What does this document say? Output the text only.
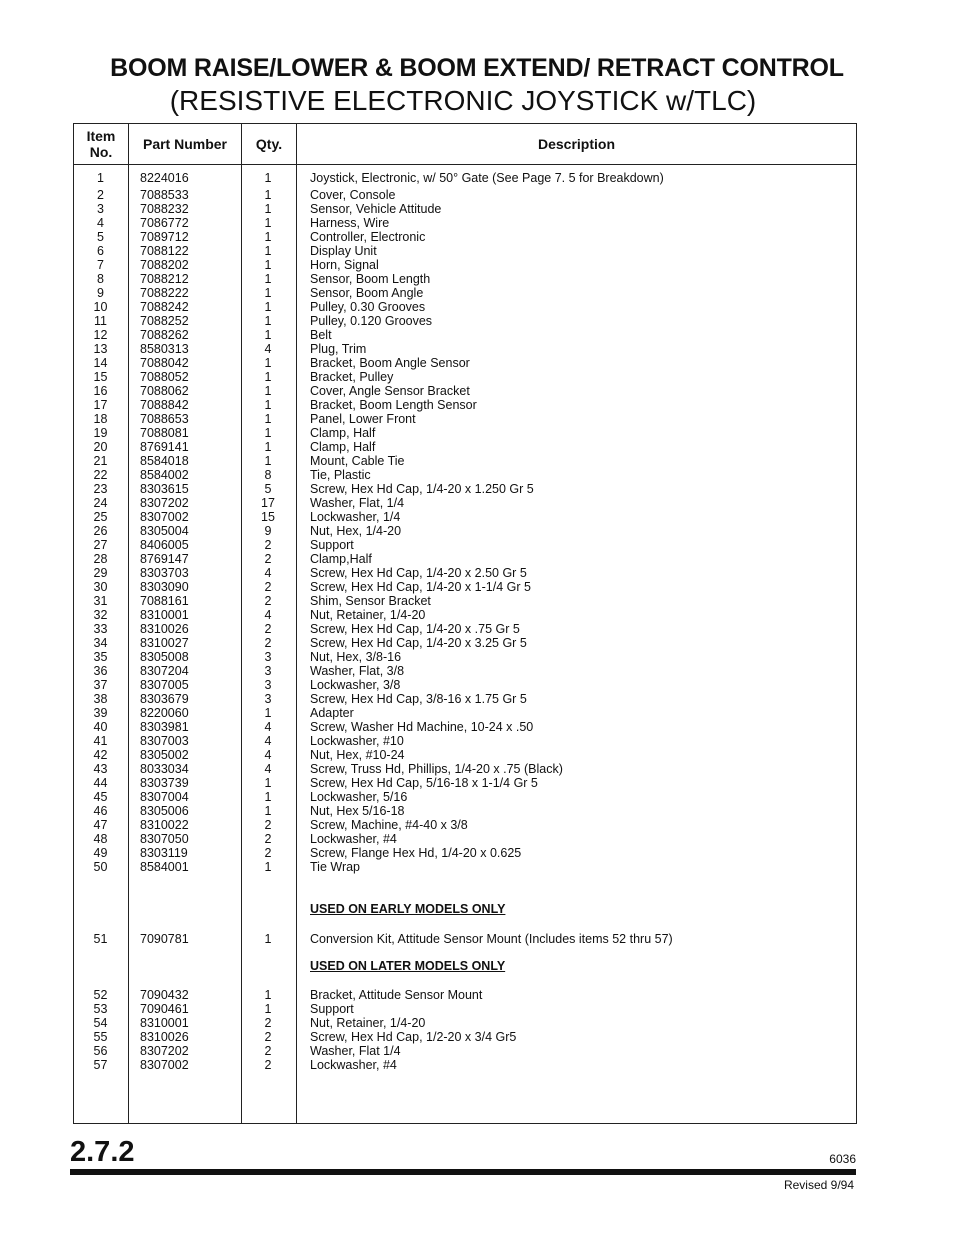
BOOM RAISE/LOWER & BOOM EXTEND/ RETRACT CONTROL
(RESISTIVE ELECTRONIC JOYSTICK w/TLC)
Item
No.	Part Number	Qty.	Description
1	8224016	1	Joystick, Electronic, w/ 50° Gate (See Page 7. 5 for Breakdown)
2	7088533	1	Cover, Console
3	7088232	1	Sensor, Vehicle Attitude
4	7086772	1	Harness, Wire
5	7089712	1	Controller, Electronic
6	7088122	1	Display Unit
7	7088202	1	Horn, Signal
8	7088212	1	Sensor, Boom Length
9	7088222	1	Sensor, Boom Angle
10	7088242	1	Pulley, 0.30 Grooves
11	7088252	1	Pulley, 0.120 Grooves
12	7088262	1	Belt
13	8580313	4	Plug, Trim
14	7088042	1	Bracket, Boom Angle Sensor
15	7088052	1	Bracket, Pulley
16	7088062	1	Cover, Angle Sensor Bracket
17	7088842	1	Bracket, Boom Length Sensor
18	7088653	1	Panel, Lower Front
19	7088081	1	Clamp, Half
20	8769141	1	Clamp, Half
21	8584018	1	Mount, Cable Tie
22	8584002	8	Tie, Plastic
23	8303615	5	Screw, Hex Hd Cap, 1/4-20 x 1.250 Gr 5
24	8307202	17	Washer, Flat, 1/4
25	8307002	15	Lockwasher, 1/4
26	8305004	9	Nut, Hex, 1/4-20
27	8406005	2	Support
28	8769147	2	Clamp,Half
29	8303703	4	Screw, Hex Hd Cap, 1/4-20 x 2.50 Gr 5
30	8303090	2	Screw, Hex Hd Cap, 1/4-20 x 1-1/4 Gr 5
31	7088161	2	Shim, Sensor Bracket
32	8310001	4	Nut, Retainer, 1/4-20
33	8310026	2	Screw, Hex Hd Cap, 1/4-20 x .75 Gr 5
34	8310027	2	Screw, Hex Hd Cap, 1/4-20 x 3.25 Gr 5
35	8305008	3	Nut, Hex, 3/8-16
36	8307204	3	Washer, Flat, 3/8
37	8307005	3	Lockwasher, 3/8
38	8303679	3	Screw, Hex Hd Cap, 3/8-16 x 1.75 Gr 5
39	8220060	1	Adapter
40	8303981	4	Screw, Washer Hd Machine, 10-24 x .50
41	8307003	4	Lockwasher, #10
42	8305002	4	Nut, Hex, #10-24
43	8033034	4	Screw, Truss Hd, Phillips, 1/4-20 x .75 (Black)
44	8303739	1	Screw, Hex Hd Cap, 5/16-18 x 1-1/4 Gr 5
45	8307004	1	Lockwasher, 5/16
46	8305006	1	Nut, Hex 5/16-18
47	8310022	2	Screw, Machine, #4-40 x 3/8
48	8307050	2	Lockwasher, #4
49	8303119	2	Screw, Flange Hex Hd, 1/4-20 x 0.625
50	8584001	1	Tie Wrap
USED ON EARLY MODELS ONLY
51	7090781	1	Conversion Kit, Attitude Sensor Mount (Includes items 52 thru 57)
USED ON LATER MODELS ONLY
52	7090432	1	Bracket, Attitude Sensor Mount
53	7090461	1	Support
54	8310001	2	Nut, Retainer, 1/4-20
55	8310026	2	Screw, Hex Hd Cap, 1/2-20 x 3/4 Gr5
56	8307202	2	Washer, Flat 1/4
57	8307002	2	Lockwasher, #4
2.7.2	6036
Revised 9/94
